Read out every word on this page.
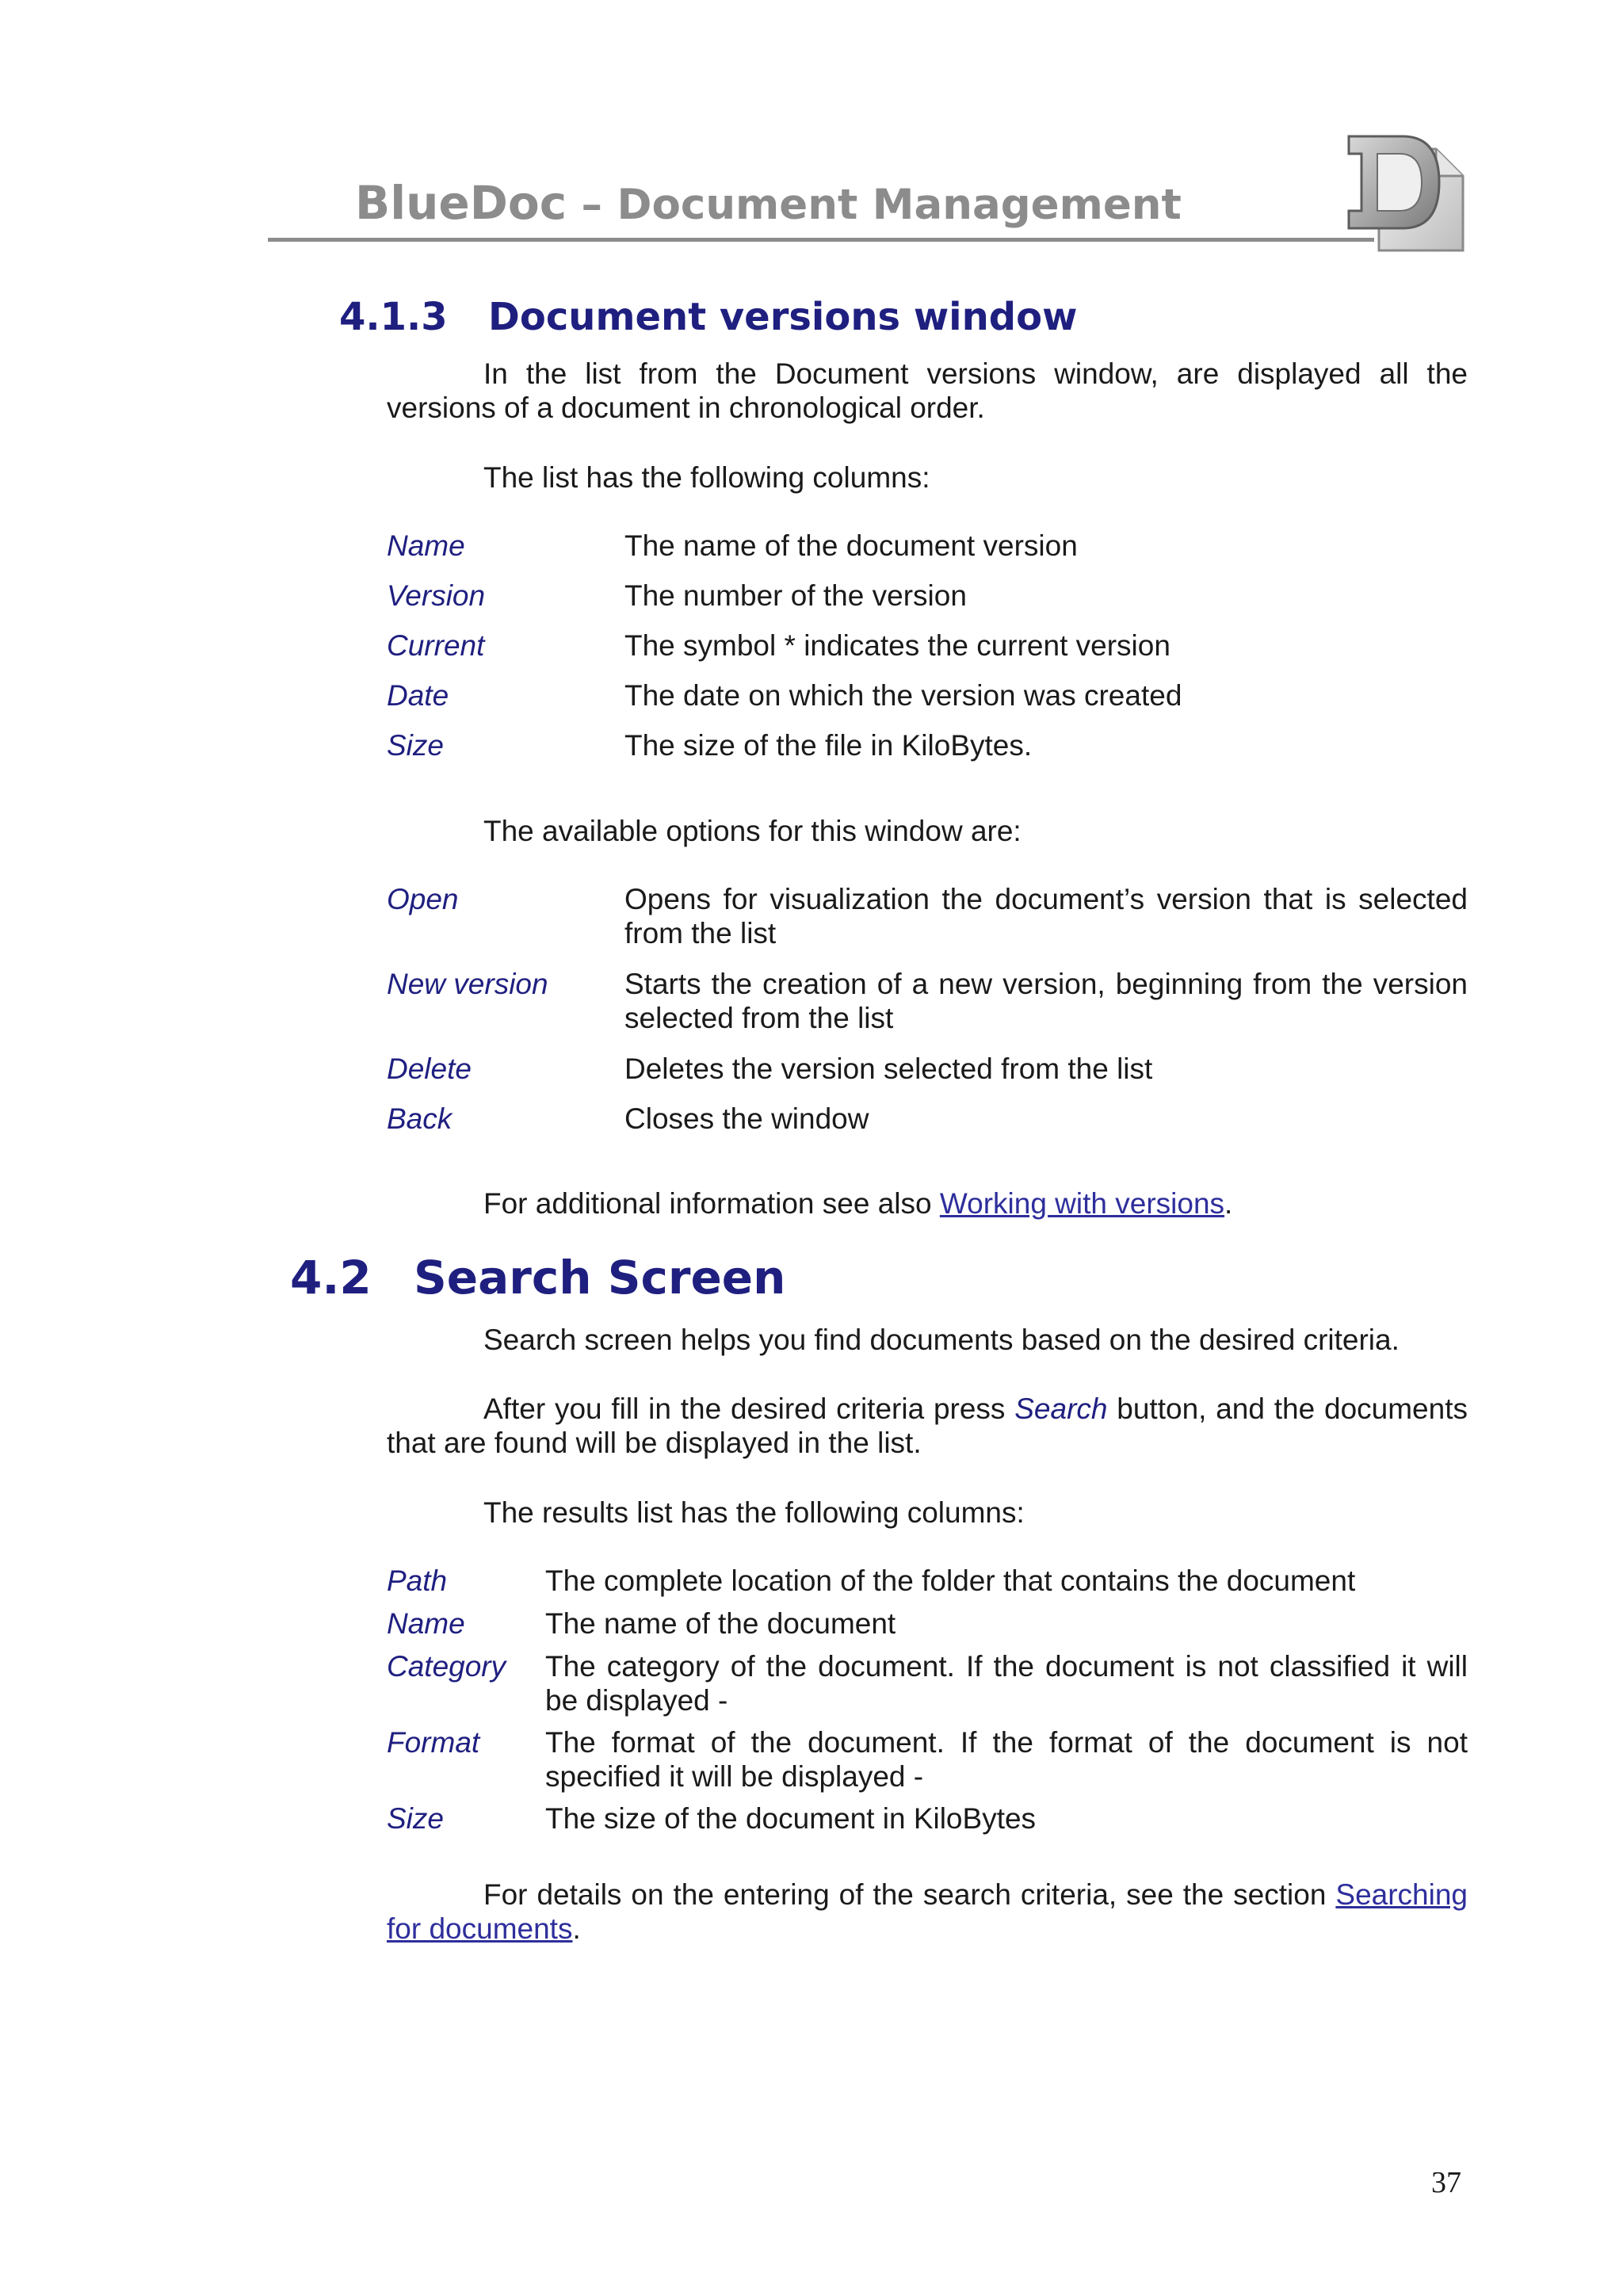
BlueDoc – Document Management
4.1.3 Document versions window
In the list from the Document versions window, are displayed all the versions of a document in chronological order.
The list has the following columns:
Name	The name of the document version
Version	The number of the version
Current	The symbol * indicates the current version
Date	The date on which the version was created
Size	The size of the file in KiloBytes.
The available options for this window are:
Open	Opens for visualization the document’s version that is selected from the list
New version	Starts the creation of a new version, beginning from the version selected from the list
Delete	Deletes the version selected from the list
Back	Closes the window
For additional information see also Working with versions.
4.2 Search Screen
Search screen helps you find documents based on the desired criteria.
After you fill in the desired criteria press Search button, and the documents that are found will be displayed in the list.
The results list has the following columns:
Path	The complete location of the folder that contains the document
Name	The name of the document
Category The category of the document. If the document is not classified it will be displayed -
Format The format of the document. If the format of the document is not specified it will be displayed -
Size	The size of the document in KiloBytes
For details on the entering of the search criteria, see the section Searching for documents.
37
